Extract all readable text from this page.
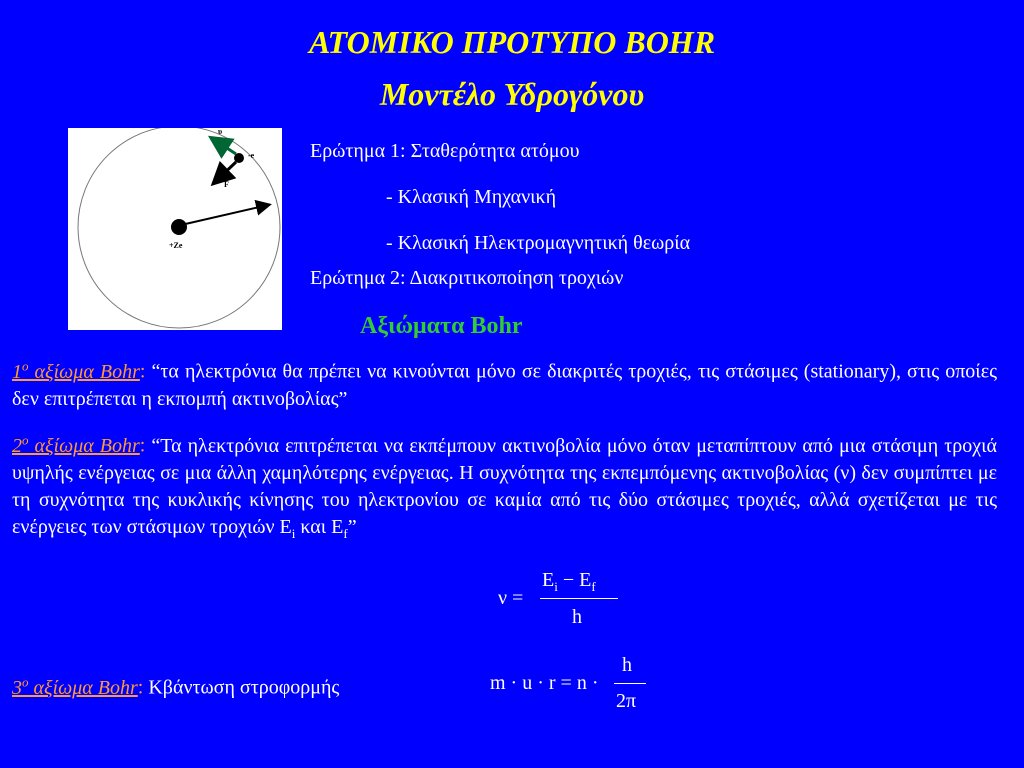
ΑΤΟΜΙΚΟ ΠΡΟΤΥΠΟ BOHR
Μοντέλο Υδρογόνου
υ
-e
F
+Ze
Ερώτημα 1: Σταθερότητα ατόμου
- Κλασική Μηχανική
- Κλασική Ηλεκτρομαγνητική θεωρία
Ερώτημα 2: Διακριτικοποίηση τροχιών
Αξιώματα Bohr
$1^o$ αξίωμα Bohr: “τα ηλεκτρόνια θα πρέπει να κινούνται μόνο σε διακριτές τροχιές, τις στάσιμες (stationary), στις οποίες δεν επιτρέπεται η εκπομπή ακτινοβολίας”
$2^o$ αξίωμα Bohr: “Τα ηλεκτρόνια επιτρέπεται να εκπέμπουν ακτινοβολία μόνο όταν μεταπίπτουν από μια στάσιμη τροχιά υψηλής ενέργειας σε μια άλλη χαμηλότερης ενέργειας. Η συχνότητα της εκπεμπόμενης ακτινοβολίας (ν) δεν συμπίπτει με τη συχνότητα της κυκλικής κίνησης του ηλεκτρονίου σε καμία από τις δύο στάσιμες τροχιές, αλλά σχετίζεται με τις ενέργειες των στάσιμων τροχιών $E_i$ και $E_f$”
ν =
$E_i - E_f$
h
$3^o$ αξίωμα Bohr: Κβάντωση στροφορμής	m · u · r = n ·
h
2π
